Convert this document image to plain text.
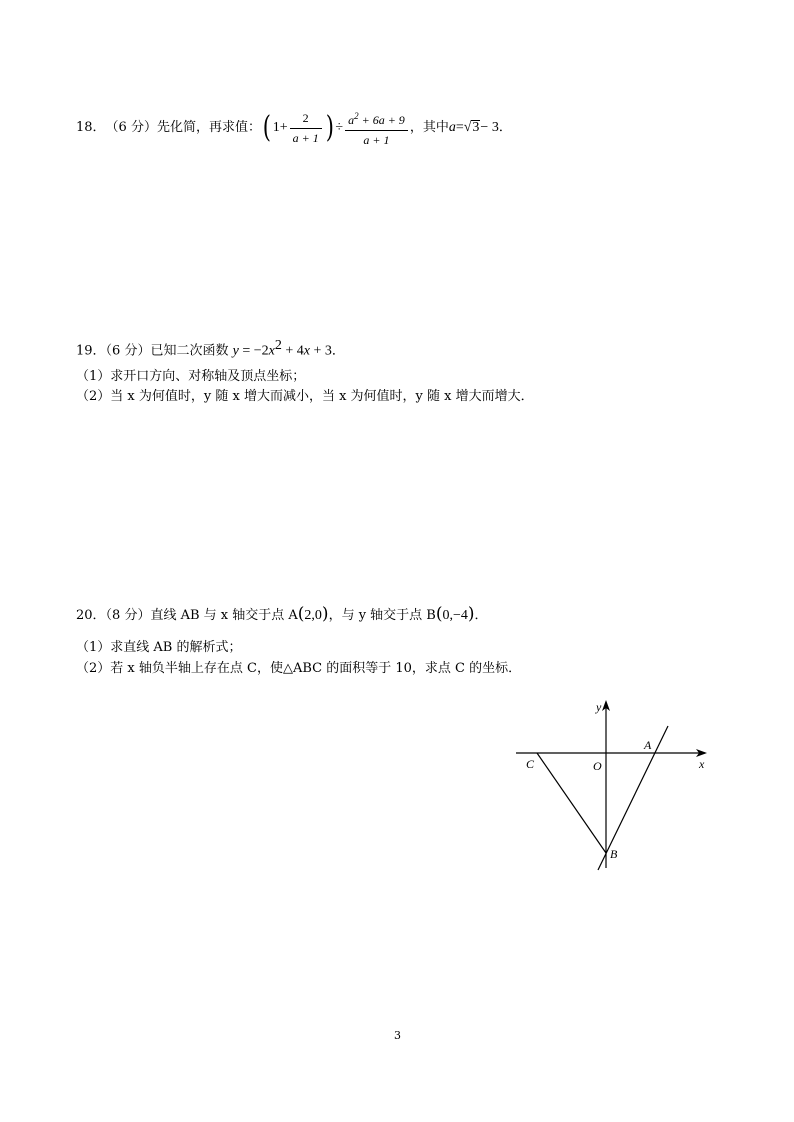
18． （6 分） 先化简，再求值： ( $1 + \frac{2}{a + 1}$ ) ÷ $\frac{a^2 + 6a + 9}{a + 1}$ ，其中 a = √3 − 3 ．
19．（6 分）已知二次函数 $y = -2x^2 + 4x + 3$．
（1）求开口方向、对称轴及顶点坐标；
（2）当 x 为何值时，y 随 x 增大而减小，当 x 为何值时，y 随 x 增大而增大．
20．（8 分）直线 AB 与 x 轴交于点 A(2,0)，与 y 轴交于点 B(0,−4)．
（1）求直线 AB 的解析式；
（2）若 x 轴负半轴上存在点 C，使△ABC 的面积等于 10，求点 C 的坐标．
y
x
A
C	O
B
3
